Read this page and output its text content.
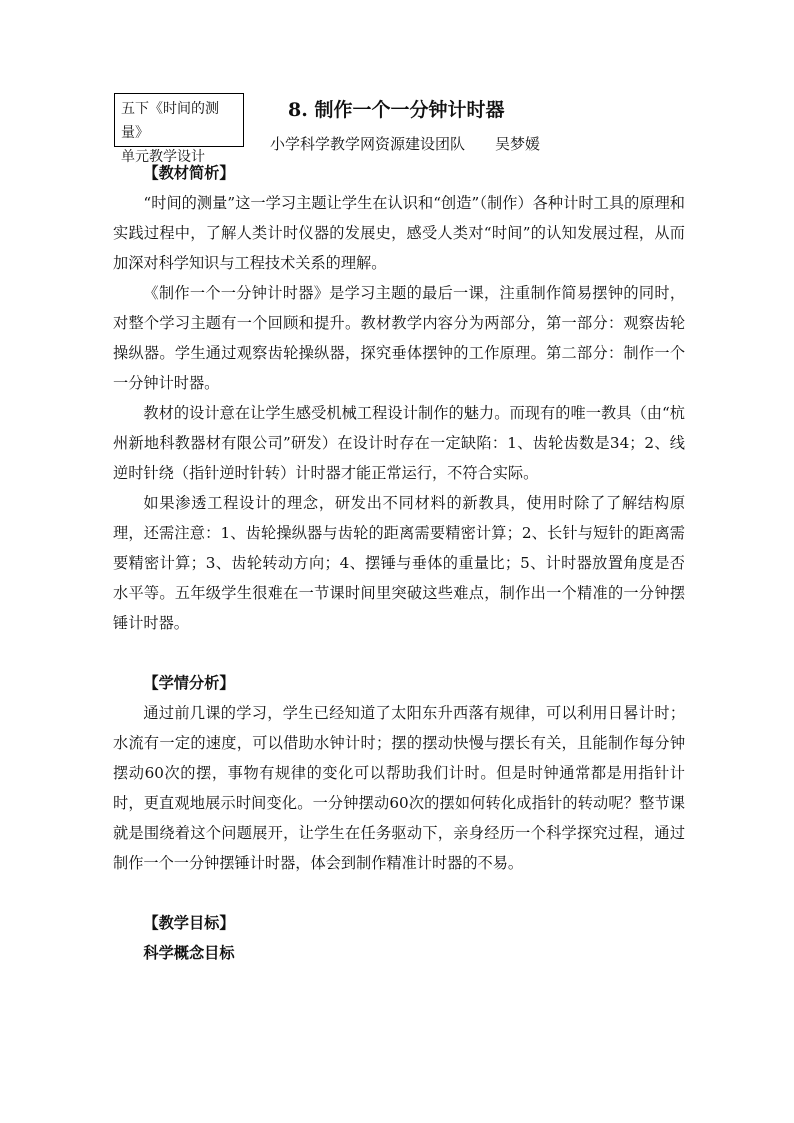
五下《时间的测量》
单元教学设计
8. 制作一个一分钟计时器
小学科学教学网资源建设团队 吴梦媛

【教材简析】

“时间的测量”这一学习主题让学生在认识和“创造”（制作）各种计时工具的原理和实践过程中，了解人类计时仪器的发展史，感受人类对“时间”的认知发展过程，从而加深对科学知识与工程技术关系的理解。

《制作一个一分钟计时器》是学习主题的最后一课，注重制作简易摆钟的同时，对整个学习主题有一个回顾和提升。教材教学内容分为两部分，第一部分：观察齿轮操纵器。学生通过观察齿轮操纵器，探究垂体摆钟的工作原理。第二部分：制作一个一分钟计时器。

教材的设计意在让学生感受机械工程设计制作的魅力。而现有的唯一教具（由“杭州新地科教器材有限公司”研发）在设计时存在一定缺陷：1、齿轮齿数是34；2、线逆时针绕（指针逆时针转）计时器才能正常运行，不符合实际。

如果渗透工程设计的理念，研发出不同材料的新教具，使用时除了了解结构原理，还需注意：1、齿轮操纵器与齿轮的距离需要精密计算；2、长针与短针的距离需要精密计算；3、齿轮转动方向；4、摆锤与垂体的重量比；5、计时器放置角度是否水平等。五年级学生很难在一节课时间里突破这些难点，制作出一个精准的一分钟摆锤计时器。

【学情分析】

通过前几课的学习，学生已经知道了太阳东升西落有规律，可以利用日晷计时；水流有一定的速度，可以借助水钟计时；摆的摆动快慢与摆长有关，且能制作每分钟摆动60次的摆，事物有规律的变化可以帮助我们计时。但是时钟通常都是用指针计时，更直观地展示时间变化。一分钟摆动60次的摆如何转化成指针的转动呢？整节课就是围绕着这个问题展开，让学生在任务驱动下，亲身经历一个科学探究过程，通过制作一个一分钟摆锤计时器，体会到制作精准计时器的不易。

【教学目标】

科学概念目标
